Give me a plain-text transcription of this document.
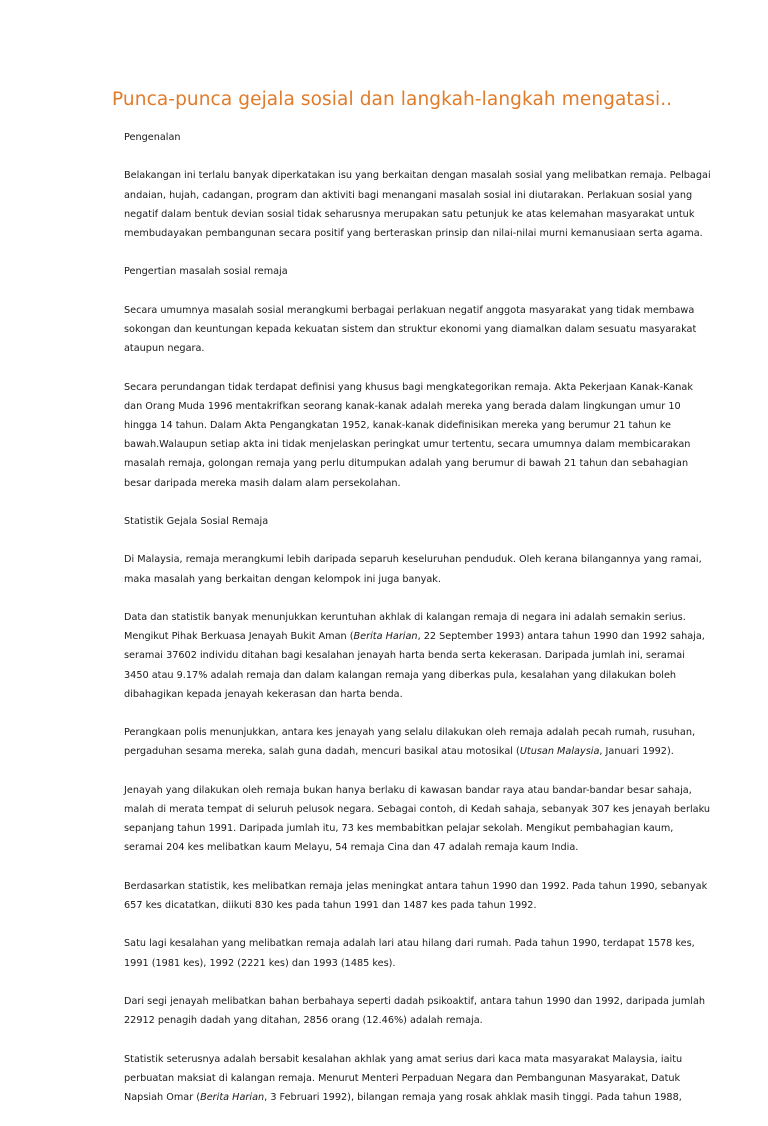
Punca-punca gejala sosial dan langkah-langkah mengatasi..
Pengenalan

Belakangan ini terlalu banyak diperkatakan isu yang berkaitan dengan masalah sosial yang melibatkan remaja. Pelbagai
andaian, hujah, cadangan, program dan aktiviti bagi menangani masalah sosial ini diutarakan. Perlakuan sosial yang
negatif dalam bentuk devian sosial tidak seharusnya merupakan satu petunjuk ke atas kelemahan masyarakat untuk
membudayakan pembangunan secara positif yang berteraskan prinsip dan nilai-nilai murni kemanusiaan serta agama.

Pengertian masalah sosial remaja

Secara umumnya masalah sosial merangkumi berbagai perlakuan negatif anggota masyarakat yang tidak membawa
sokongan dan keuntungan kepada kekuatan sistem dan struktur ekonomi yang diamalkan dalam sesuatu masyarakat
ataupun negara.

Secara perundangan tidak terdapat definisi yang khusus bagi mengkategorikan remaja. Akta Pekerjaan Kanak-Kanak
dan Orang Muda 1996 mentakrifkan seorang kanak-kanak adalah mereka yang berada dalam lingkungan umur 10
hingga 14 tahun. Dalam Akta Pengangkatan 1952, kanak-kanak didefinisikan mereka yang berumur 21 tahun ke
bawah.Walaupun setiap akta ini tidak menjelaskan peringkat umur tertentu, secara umumnya dalam membicarakan
masalah remaja, golongan remaja yang perlu ditumpukan adalah yang berumur di bawah 21 tahun dan sebahagian
besar daripada mereka masih dalam alam persekolahan.

Statistik Gejala Sosial Remaja

Di Malaysia, remaja merangkumi lebih daripada separuh keseluruhan penduduk. Oleh kerana bilangannya yang ramai,
maka masalah yang berkaitan dengan kelompok ini juga banyak.

Data dan statistik banyak menunjukkan keruntuhan akhlak di kalangan remaja di negara ini adalah semakin serius.
Mengikut Pihak Berkuasa Jenayah Bukit Aman (Berita Harian, 22 September 1993) antara tahun 1990 dan 1992 sahaja,
seramai 37602 individu ditahan bagi kesalahan jenayah harta benda serta kekerasan. Daripada jumlah ini, seramai
3450 atau 9.17% adalah remaja dan dalam kalangan remaja yang diberkas pula, kesalahan yang dilakukan boleh
dibahagikan kepada jenayah kekerasan dan harta benda.

Perangkaan polis menunjukkan, antara kes jenayah yang selalu dilakukan oleh remaja adalah pecah rumah, rusuhan,
pergaduhan sesama mereka, salah guna dadah, mencuri basikal atau motosikal (Utusan Malaysia, Januari 1992).

Jenayah yang dilakukan oleh remaja bukan hanya berlaku di kawasan bandar raya atau bandar-bandar besar sahaja,
malah di merata tempat di seluruh pelusok negara. Sebagai contoh, di Kedah sahaja, sebanyak 307 kes jenayah berlaku
sepanjang tahun 1991. Daripada jumlah itu, 73 kes membabitkan pelajar sekolah. Mengikut pembahagian kaum,
seramai 204 kes melibatkan kaum Melayu, 54 remaja Cina dan 47 adalah remaja kaum India.

Berdasarkan statistik, kes melibatkan remaja jelas meningkat antara tahun 1990 dan 1992. Pada tahun 1990, sebanyak
657 kes dicatatkan, diikuti 830 kes pada tahun 1991 dan 1487 kes pada tahun 1992.

Satu lagi kesalahan yang melibatkan remaja adalah lari atau hilang dari rumah. Pada tahun 1990, terdapat 1578 kes,
1991 (1981 kes), 1992 (2221 kes) dan 1993 (1485 kes).

Dari segi jenayah melibatkan bahan berbahaya seperti dadah psikoaktif, antara tahun 1990 dan 1992, daripada jumlah
22912 penagih dadah yang ditahan, 2856 orang (12.46%) adalah remaja.

Statistik seterusnya adalah bersabit kesalahan akhlak yang amat serius dari kaca mata masyarakat Malaysia, iaitu
perbuatan maksiat di kalangan remaja. Menurut Menteri Perpaduan Negara dan Pembangunan Masyarakat, Datuk
Napsiah Omar (Berita Harian, 3 Februari 1992), bilangan remaja yang rosak ahklak masih tinggi. Pada tahun 1988,
